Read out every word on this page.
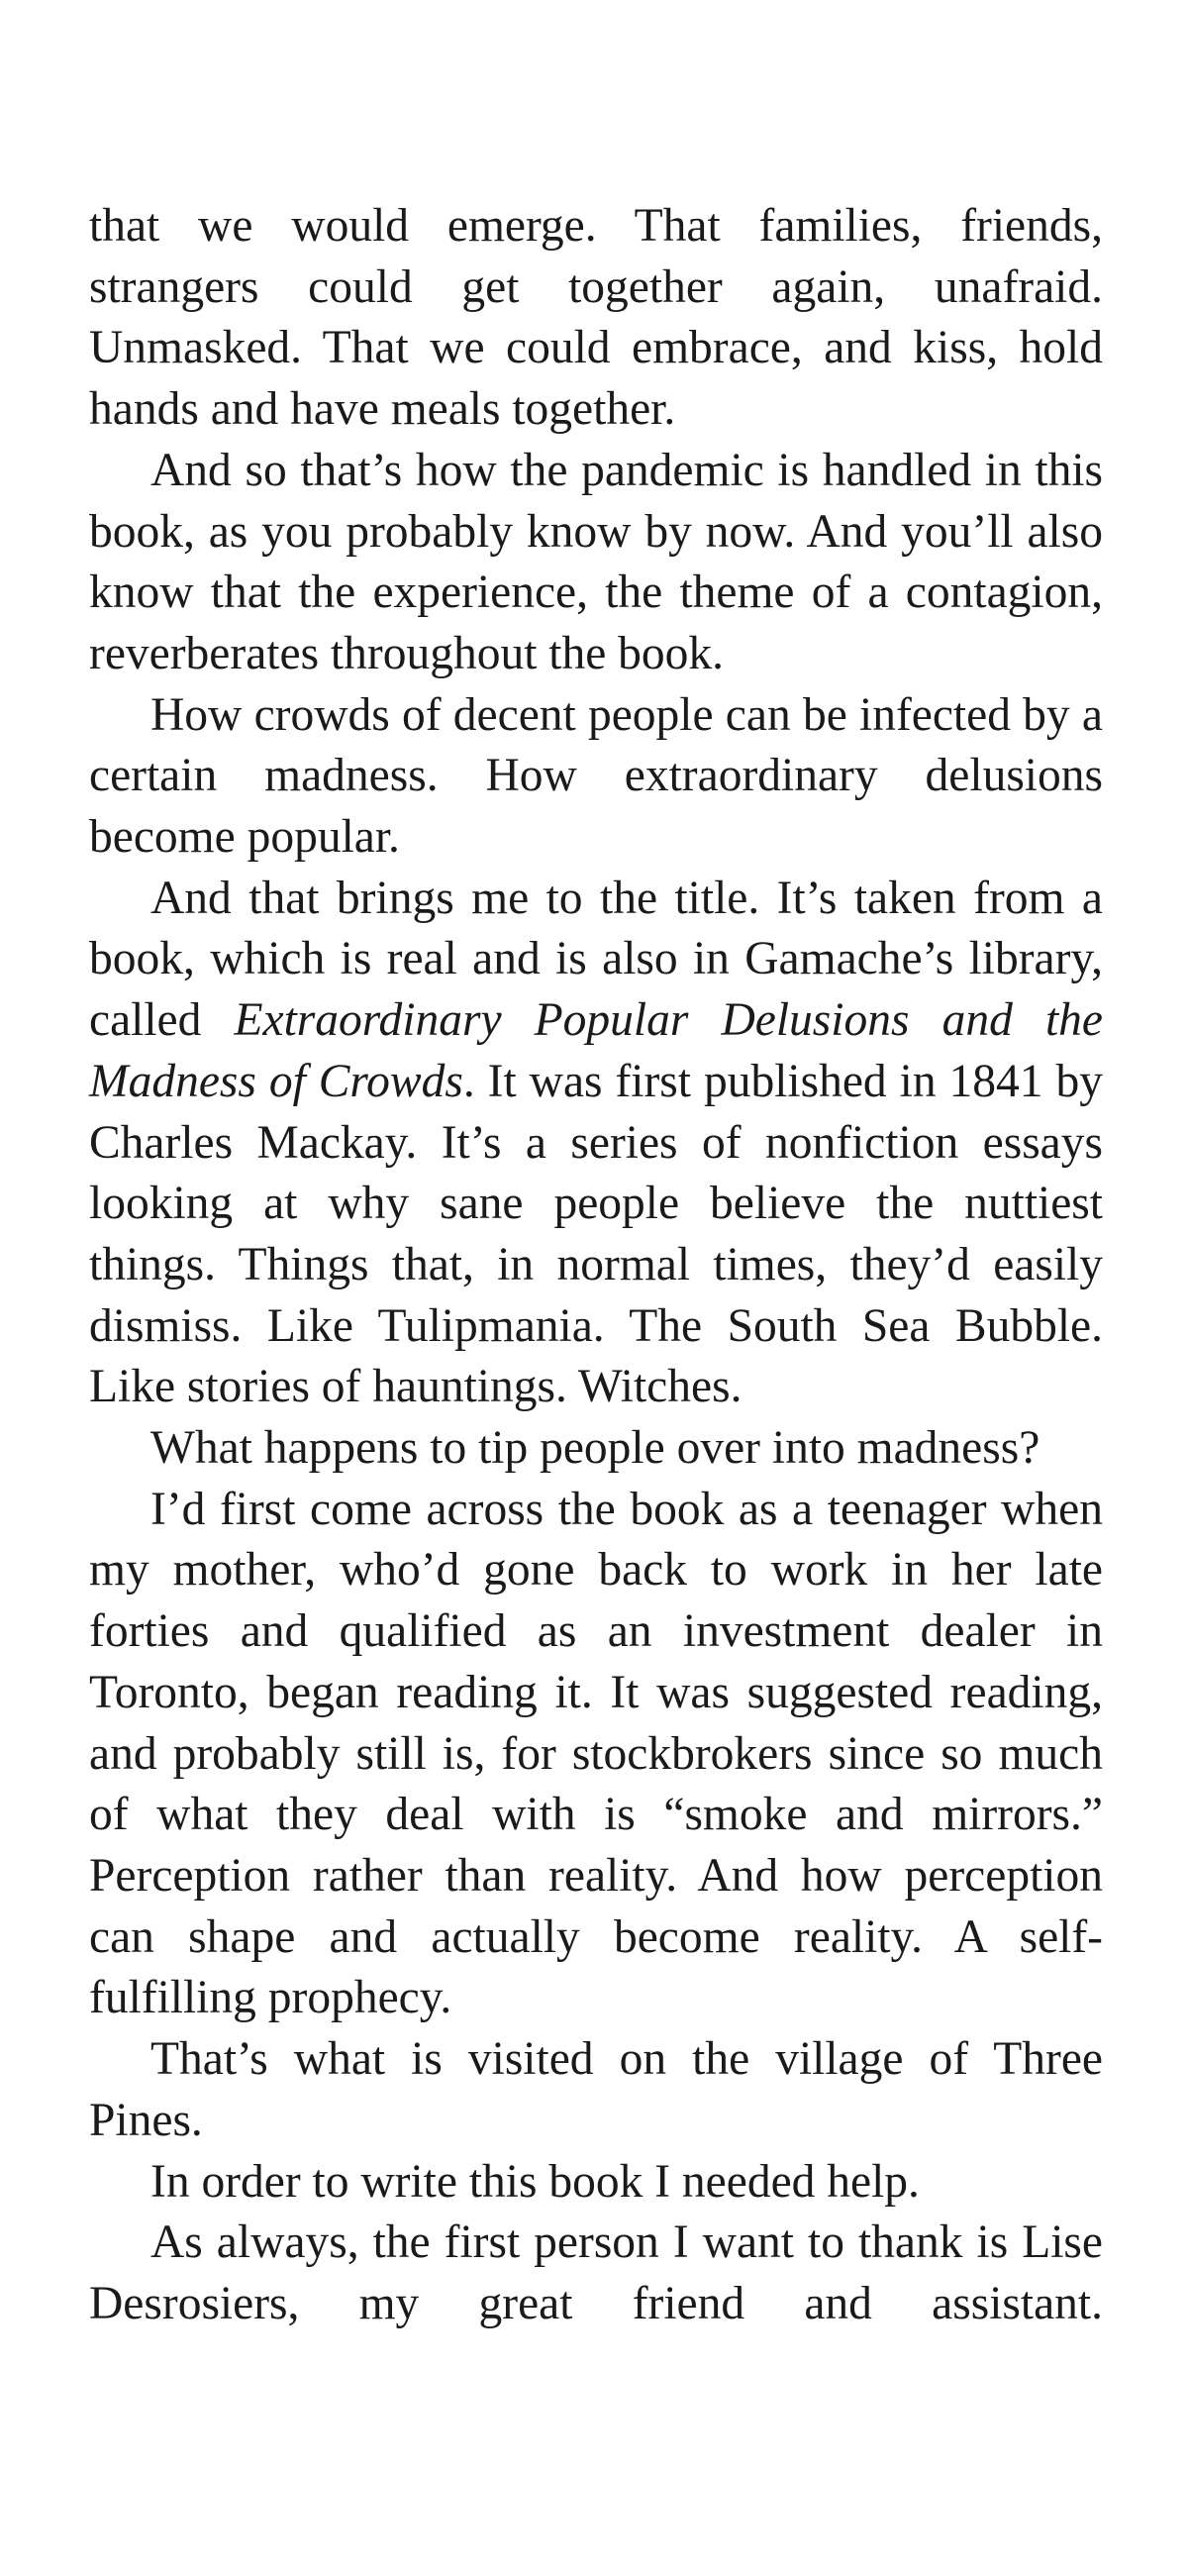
that we would emerge. That families, friends, strangers could get together again, unafraid. Unmasked. That we could embrace, and kiss, hold hands and have meals together.

And so that’s how the pandemic is handled in this book, as you probably know by now. And you’ll also know that the experience, the theme of a contagion, reverberates throughout the book.

How crowds of decent people can be infected by a certain madness. How extraordinary delusions become popular.

And that brings me to the title. It’s taken from a book, which is real and is also in Gamache’s library, called Extraordinary Popular Delusions and the Madness of Crowds. It was first published in 1841 by Charles Mackay. It’s a series of nonfiction essays looking at why sane people believe the nuttiest things. Things that, in normal times, they’d easily dismiss. Like Tulipmania. The South Sea Bubble. Like stories of hauntings. Witches.

What happens to tip people over into madness?

I’d first come across the book as a teenager when my mother, who’d gone back to work in her late forties and qualified as an investment dealer in Toronto, began reading it. It was suggested reading, and probably still is, for stockbrokers since so much of what they deal with is “smoke and mirrors.” Perception rather than reality. And how perception can shape and actually become reality. A self-fulfilling prophecy.

That’s what is visited on the village of Three Pines.

In order to write this book I needed help.

As always, the first person I want to thank is Lise Desrosiers, my great friend and assistant.
